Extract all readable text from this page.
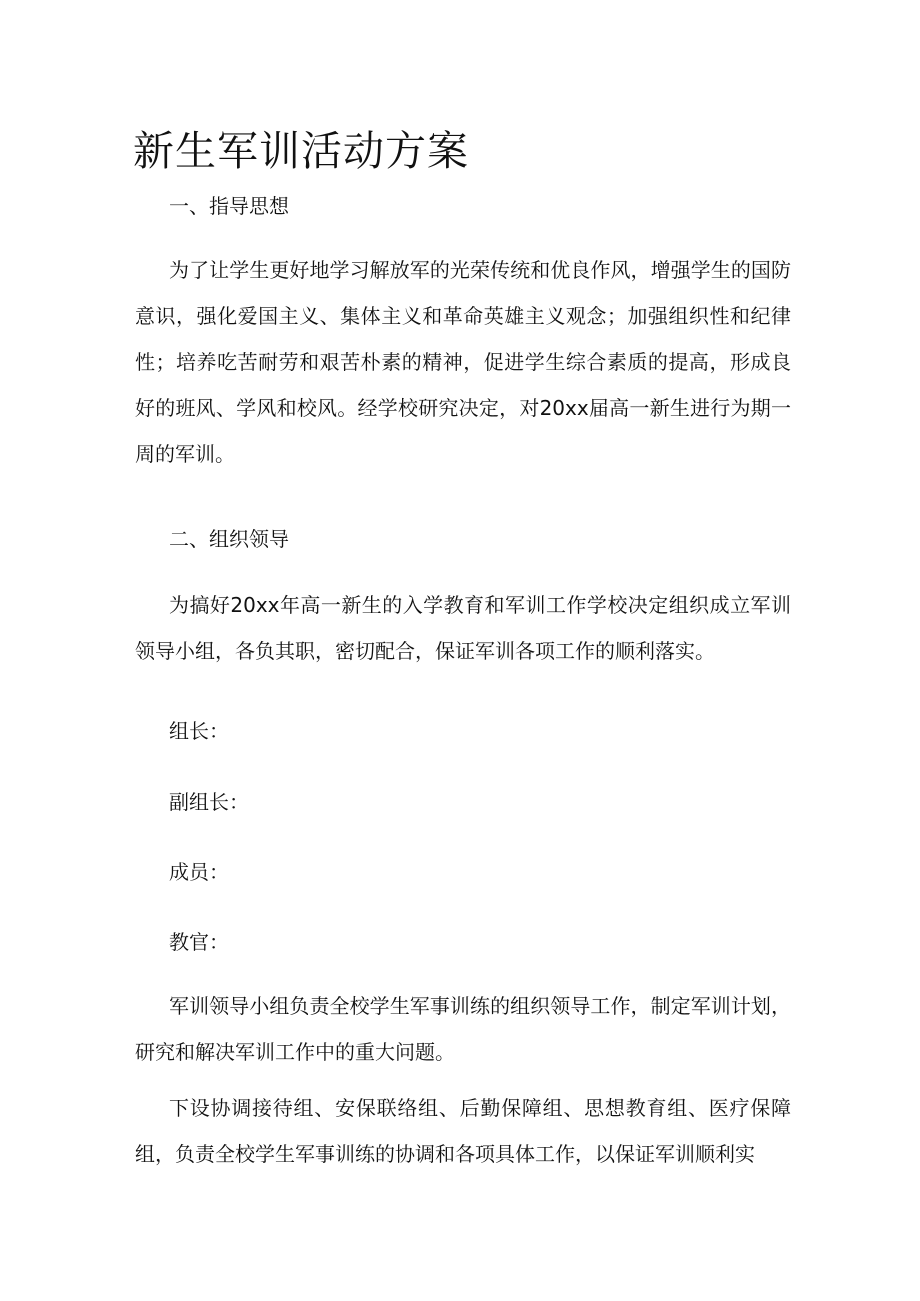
新生军训活动方案
一、指导思想

为了让学生更好地学习解放军的光荣传统和优良作风，增强学生的国防意识，强化爱国主义、集体主义和革命英雄主义观念；加强组织性和纪律性；培养吃苦耐劳和艰苦朴素的精神，促进学生综合素质的提高，形成良好的班风、学风和校风。经学校研究决定，对20xx届高一新生进行为期一周的军训。

二、组织领导

为搞好20xx年高一新生的入学教育和军训工作学校决定组织成立军训领导小组，各负其职，密切配合，保证军训各项工作的顺利落实。

组长：

副组长：

成员：

教官：

军训领导小组负责全校学生军事训练的组织领导工作，制定军训计划，研究和解决军训工作中的重大问题。

下设协调接待组、安保联络组、后勤保障组、思想教育组、医疗保障组，负责全校学生军事训练的协调和各项具体工作，以保证军训顺利实
